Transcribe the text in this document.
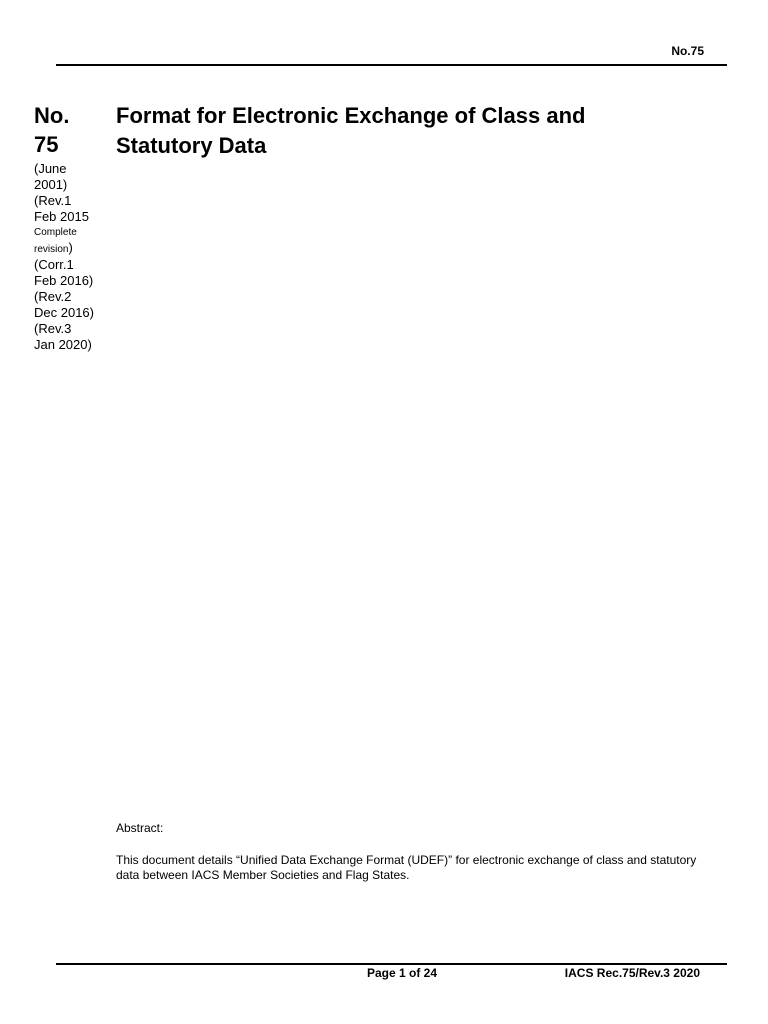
No.75
No.
75
(June
2001)
(Rev.1
Feb 2015
Complete
revision)
(Corr.1
Feb 2016)
(Rev.2
Dec 2016)
(Rev.3
Jan 2020)
Format for Electronic Exchange of Class and
Statutory Data
Abstract:
This document details “Unified Data Exchange Format (UDEF)” for electronic exchange of class and statutory data between IACS Member Societies and Flag States.
Page 1 of 24	IACS Rec.75/Rev.3 2020
